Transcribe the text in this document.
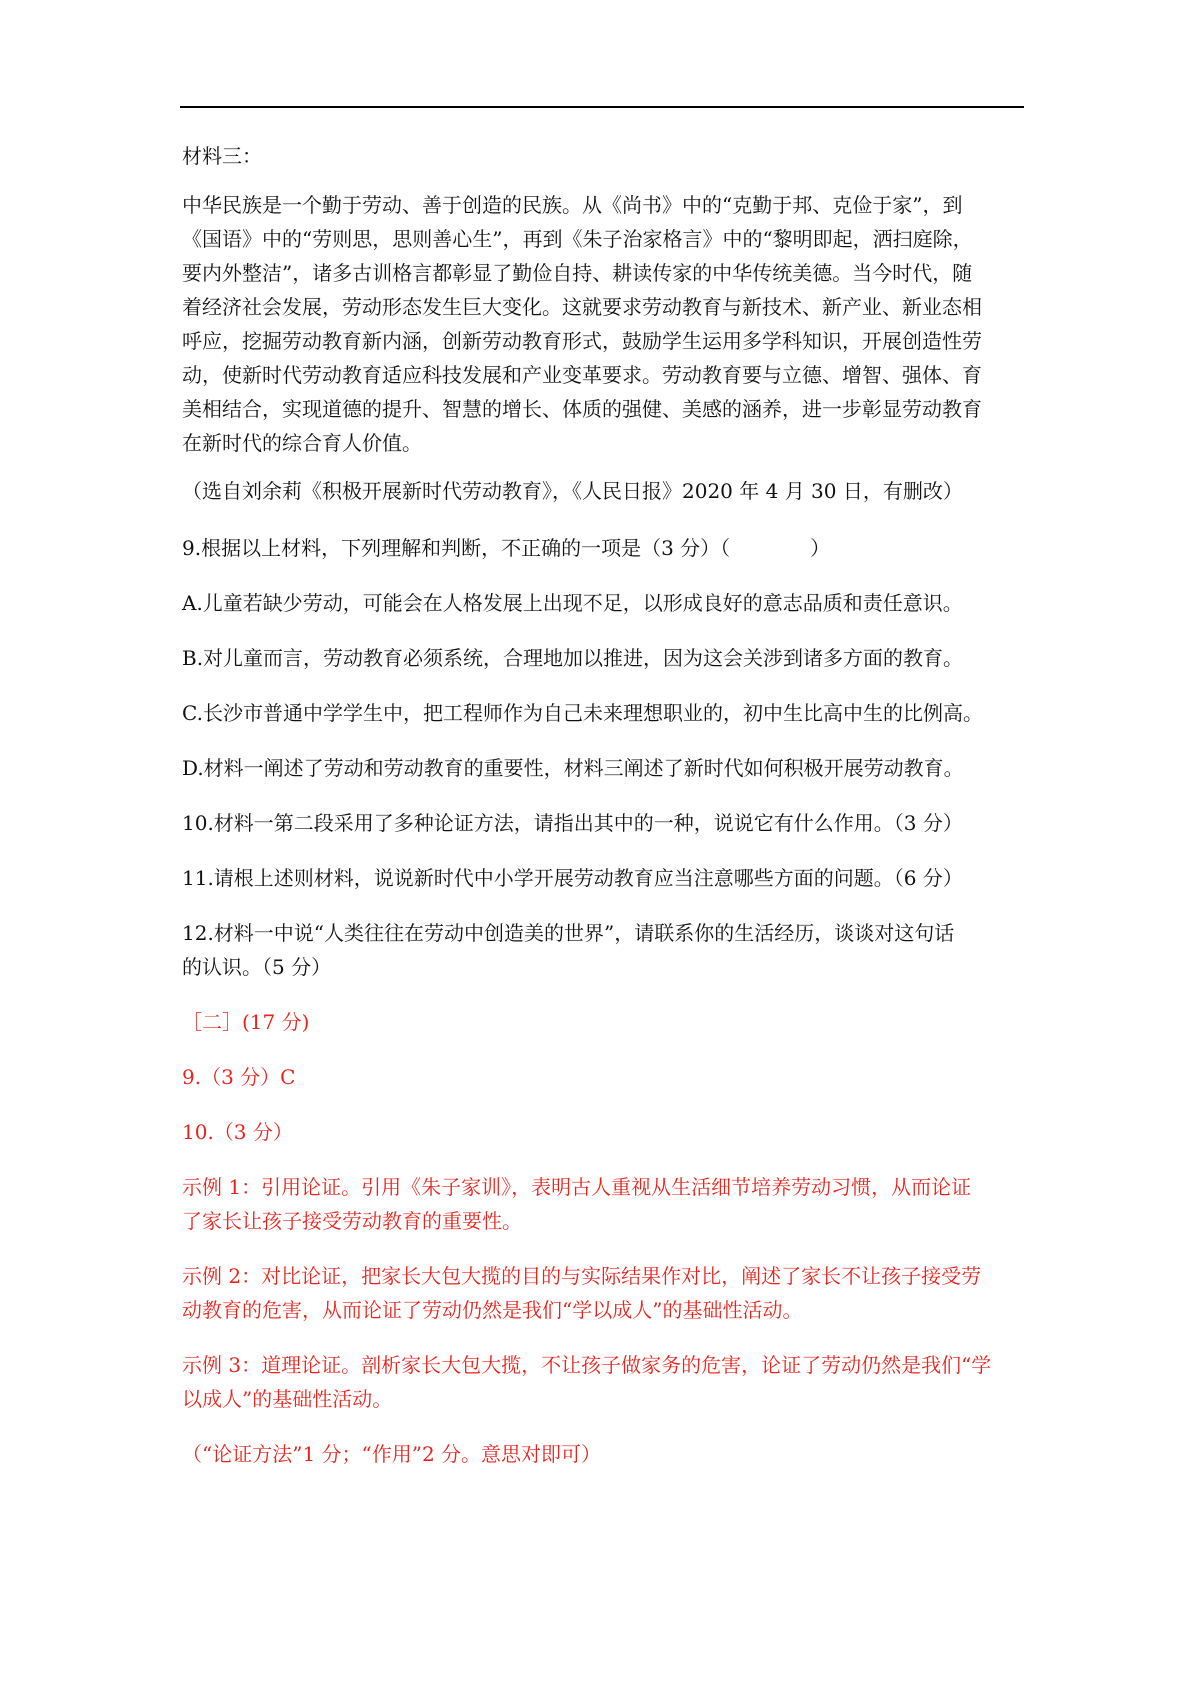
材料三：
中华民族是一个勤于劳动、善于创造的民族。从《尚书》中的“克勤于邦、克俭于家”，到
《国语》中的“劳则思，思则善心生”，再到《朱子治家格言》中的“黎明即起，洒扫庭除，
要内外整洁”，诸多古训格言都彰显了勤俭自持、耕读传家的中华传统美德。当今时代，随
着经济社会发展，劳动形态发生巨大变化。这就要求劳动教育与新技术、新产业、新业态相
呼应，挖掘劳动教育新内涵，创新劳动教育形式，鼓励学生运用多学科知识，开展创造性劳
动，使新时代劳动教育适应科技发展和产业变革要求。劳动教育要与立德、增智、强体、育
美相结合，实现道德的提升、智慧的增长、体质的强健、美感的涵养，进一步彰显劳动教育
在新时代的综合育人价值。
（选自刘余莉《积极开展新时代劳动教育》，《人民日报》2020 年 4 月 30 日，有删改）
9.根据以上材料，下列理解和判断，不正确的一项是（3 分）（　　　　）
A.儿童若缺少劳动，可能会在人格发展上出现不足，以形成良好的意志品质和责任意识。
B.对儿童而言，劳动教育必须系统，合理地加以推进，因为这会关涉到诸多方面的教育。
C.长沙市普通中学学生中，把工程师作为自己未来理想职业的，初中生比高中生的比例高。
D.材料一阐述了劳动和劳动教育的重要性，材料三阐述了新时代如何积极开展劳动教育。
10.材料一第二段采用了多种论证方法，请指出其中的一种，说说它有什么作用。（3 分）
11.请根上述则材料，说说新时代中小学开展劳动教育应当注意哪些方面的问题。（6 分）
12.材料一中说“人类往往在劳动中创造美的世界”，请联系你的生活经历，谈谈对这句话
的认识。（5 分）
［二］(17 分)
9.（3 分）C
10.（3 分）
示例 1：引用论证。引用《朱子家训》，表明古人重视从生活细节培养劳动习惯，从而论证
了家长让孩子接受劳动教育的重要性。
示例 2：对比论证，把家长大包大揽的目的与实际结果作对比，阐述了家长不让孩子接受劳
动教育的危害，从而论证了劳动仍然是我们“学以成人”的基础性活动。
示例 3：道理论证。剖析家长大包大揽，不让孩子做家务的危害，论证了劳动仍然是我们“学
以成人”的基础性活动。
（“论证方法”1 分；“作用”2 分。意思对即可）
